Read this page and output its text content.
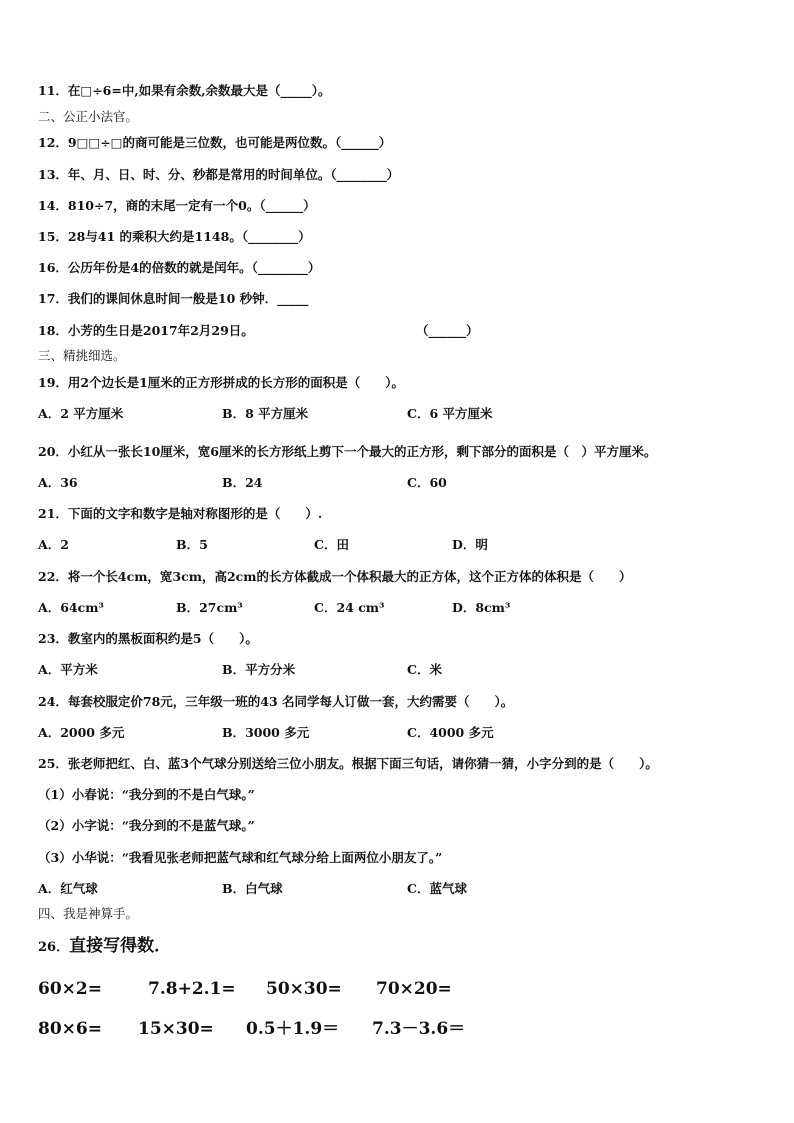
11．在□÷6=中,如果有余数,余数最大是（_____）。
二、公正小法官。
12．9□□÷□的商可能是三位数，也可能是两位数。（______）
13．年、月、日、时、分、秒都是常用的时间单位。（________）
14．810÷7，商的末尾一定有一个0。（______）
15．28与41 的乘积大约是1148。（________）
16．公历年份是4的倍数的就是闰年。（________）
17．我们的课间休息时间一般是10 秒钟．_____
18．小芳的生日是2017年2月29日。	（______）
三、精挑细选。
19．用2个边长是1厘米的正方形拼成的长方形的面积是（　　）。
A．2 平方厘米	B．8 平方厘米	C．6 平方厘米
20．小红从一张长10厘米，宽6厘米的长方形纸上剪下一个最大的正方形，剩下部分的面积是（　）平方厘米。
A．36	B．24	C．60
21．下面的文字和数字是轴对称图形的是（　　）.
A．2	B．5	C．田	D．明
22．将一个长4cm，宽3cm，高2cm的长方体截成一个体积最大的正方体，这个正方体的体积是（　　）
A．64cm³	B．27cm³	C．24 cm³	D．8cm³
23．教室内的黑板面积约是5（　　）。
A．平方米	B．平方分米	C．米
24．每套校服定价78元，三年级一班的43 名同学每人订做一套，大约需要（　　）。
A．2000 多元	B．3000 多元	C．4000 多元
25．张老师把红、白、蓝3个气球分别送给三位小朋友。根据下面三句话，请你猜一猜，小字分到的是（　　）。
（1）小春说：“我分到的不是白气球。”
（2）小字说：“我分到的不是蓝气球。”
（3）小华说：“我看见张老师把蓝气球和红气球分给上面两位小朋友了。”
A．红气球	B．白气球	C．蓝气球
四、我是神算手。
26．直接写得数．
60×2=	7.8+2.1= 50×30= 70×20=
80×6= 15×30= 0.5＋1.9＝ 7.3－3.6＝
